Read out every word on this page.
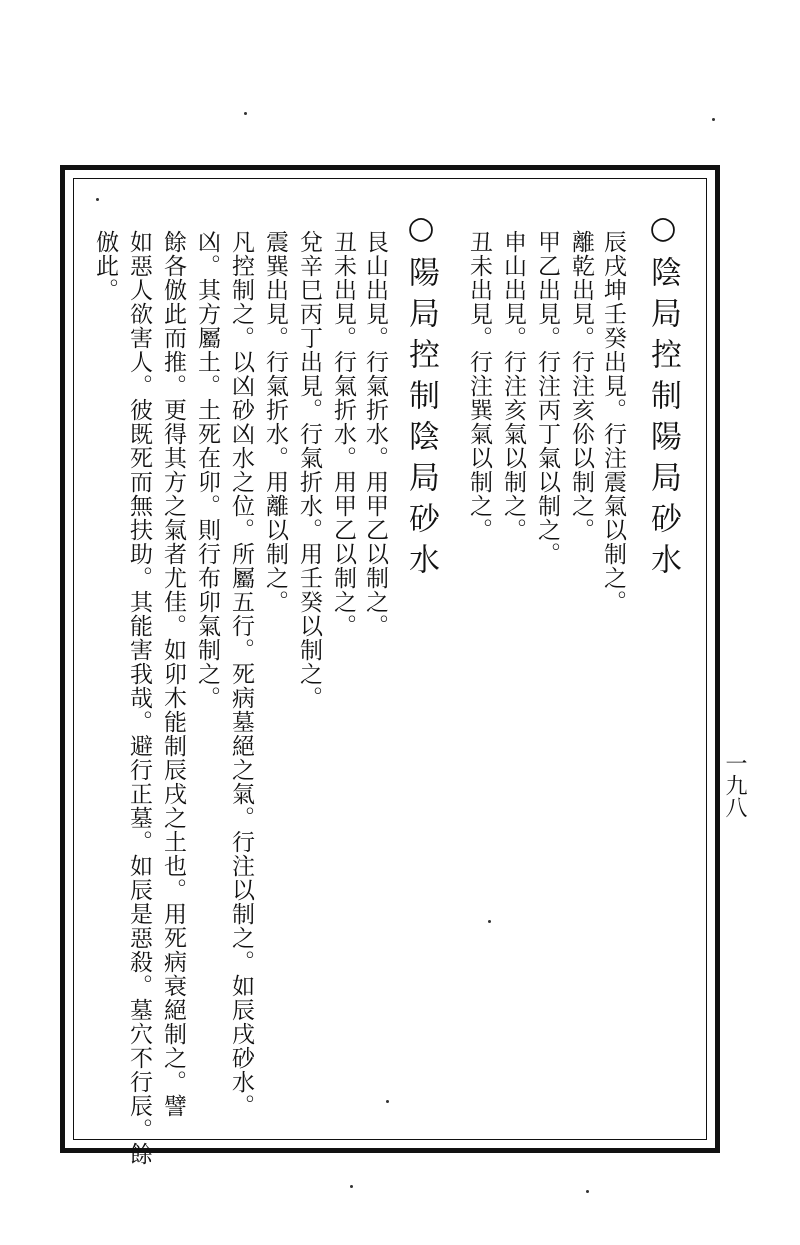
○陰局控制陽局砂水
辰戌坤壬癸出見。行注震氣以制之。
離乾出見。行注亥伱以制之。
甲乙出見。行注丙丁氣以制之。
申山出見。行注亥氣以制之。
丑未出見。行注巽氣以制之。
○陽局控制陰局砂水
艮山出見。行氣折水。用甲乙以制之。
丑未出見。行氣折水。用甲乙以制之。
兌辛巳丙丁出見。行氣折水。用壬癸以制之。
震巽出見。行氣折水。用離以制之。
凡控制之。以凶砂凶水之位。所屬五行。死病墓絕之氣。行注以制之。如辰戌砂水。
凶。其方屬土。土死在卯。則行布卯氣制之。
餘各倣此而推。更得其方之氣者尤佳。如卯木能制辰戌之土也。用死病衰絕制之。譬
如惡人欲害人。彼既死而無扶助。其能害我哉。避行正墓。如辰是惡殺。墓穴不行辰。餘
倣此。
一九八
